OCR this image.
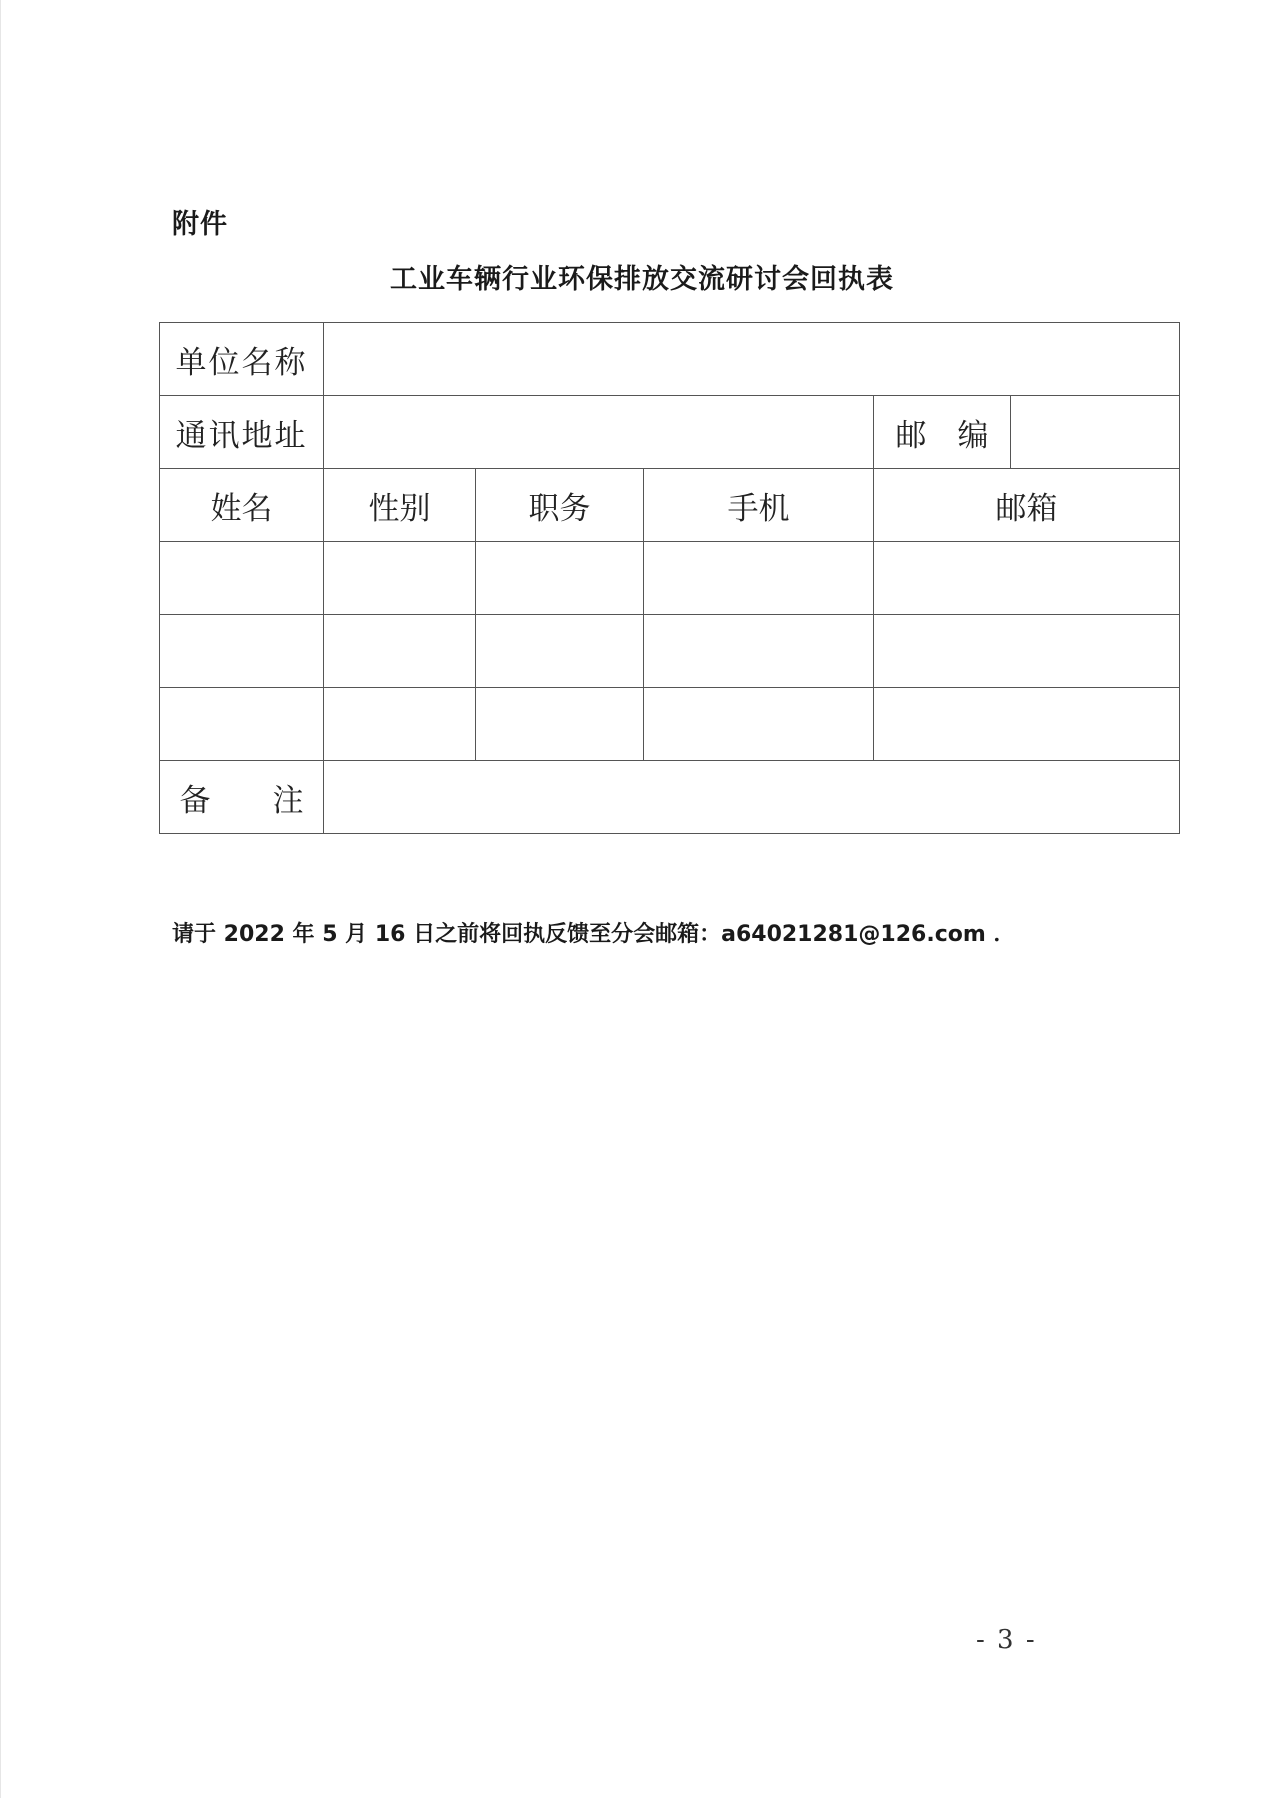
附件
工业车辆行业环保排放交流研讨会回执表
单位名称					
通讯地址				邮　编	
姓名	性别	职务	手机	邮箱	

备　　注					
请于 2022 年 5 月 16 日之前将回执反馈至分会邮箱：a64021281@126.com ．
- 3 -
